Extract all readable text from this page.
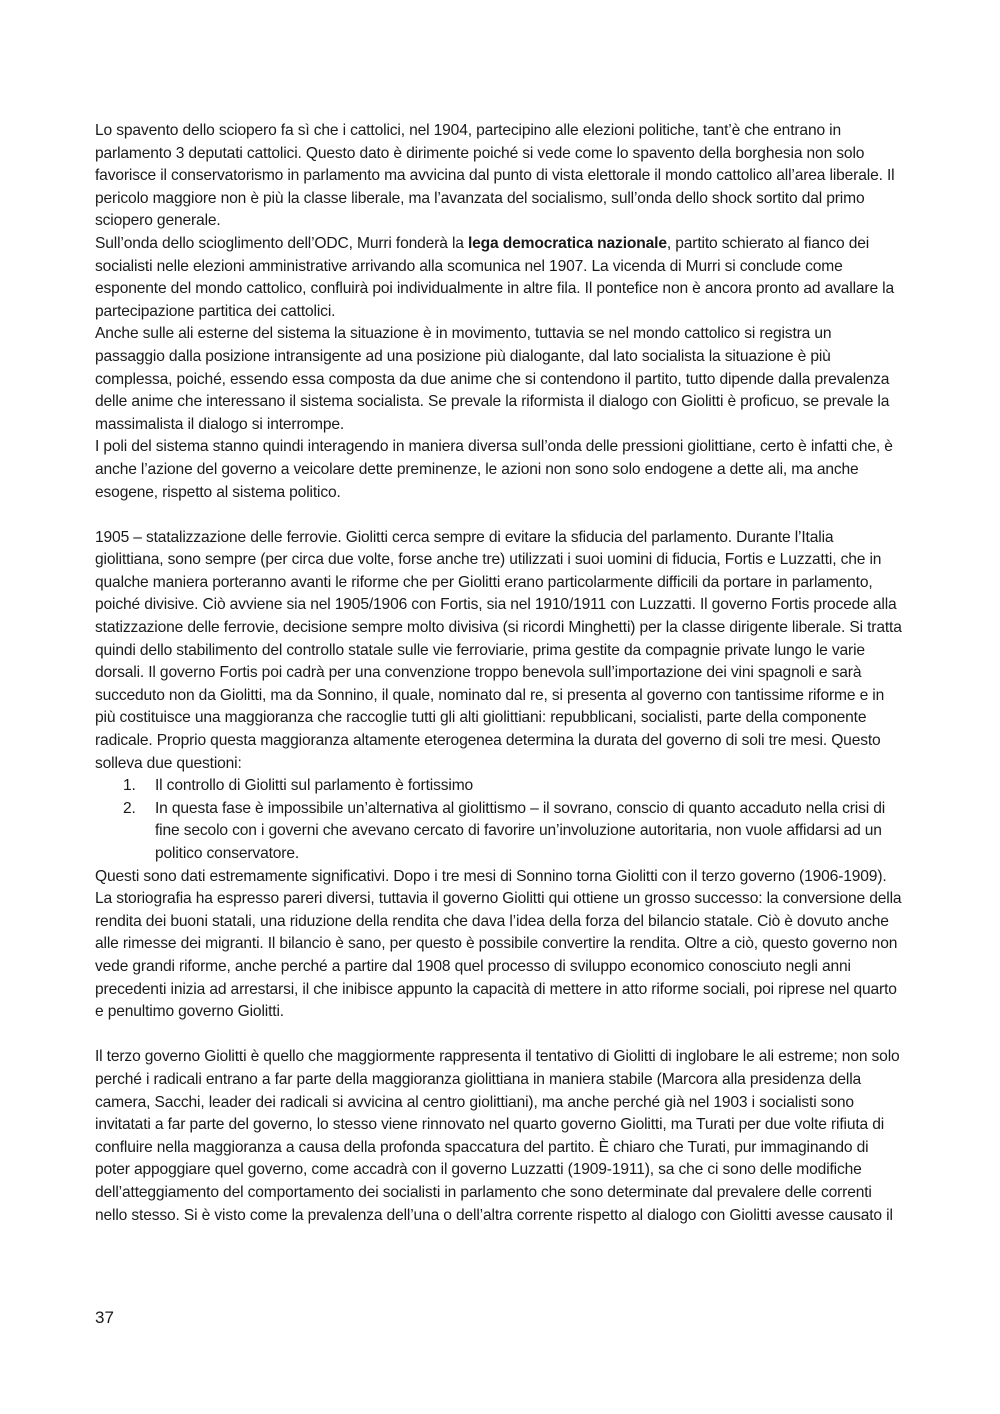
Lo spavento dello sciopero fa sì che i cattolici, nel 1904, partecipino alle elezioni politiche, tant’è che entrano in parlamento 3 deputati cattolici. Questo dato è dirimente poiché si vede come lo spavento della borghesia non solo favorisce il conservatorismo in parlamento ma avvicina dal punto di vista elettorale il mondo cattolico all’area liberale. Il pericolo maggiore non è più la classe liberale, ma l’avanzata del socialismo, sull’onda dello shock sortito dal primo sciopero generale.

Sull’onda dello scioglimento dell’ODC, Murri fonderà la lega democratica nazionale, partito schierato al fianco dei socialisti nelle elezioni amministrative arrivando alla scomunica nel 1907. La vicenda di Murri si conclude come esponente del mondo cattolico, confluirà poi individualmente in altre fila. Il pontefice non è ancora pronto ad avallare la partecipazione partitica dei cattolici.

Anche sulle ali esterne del sistema la situazione è in movimento, tuttavia se nel mondo cattolico si registra un passaggio dalla posizione intransigente ad una posizione più dialogante, dal lato socialista la situazione è più complessa, poiché, essendo essa composta da due anime che si contendono il partito, tutto dipende dalla prevalenza delle anime che interessano il sistema socialista. Se prevale la riformista il dialogo con Giolitti è proficuo, se prevale la massimalista il dialogo si interrompe.

I poli del sistema stanno quindi interagendo in maniera diversa sull’onda delle pressioni giolittiane, certo è infatti che, è anche l’azione del governo a veicolare dette preminenze, le azioni non sono solo endogene a dette ali, ma anche esogene, rispetto al sistema politico.

1905 – statalizzazione delle ferrovie. Giolitti cerca sempre di evitare la sfiducia del parlamento. Durante l’Italia giolittiana, sono sempre (per circa due volte, forse anche tre) utilizzati i suoi uomini di fiducia, Fortis e Luzzatti, che in qualche maniera porteranno avanti le riforme che per Giolitti erano particolarmente difficili da portare in parlamento, poiché divisive. Ciò avviene sia nel 1905/1906 con Fortis, sia nel 1910/1911 con Luzzatti. Il governo Fortis procede alla statizzazione delle ferrovie, decisione sempre molto divisiva (si ricordi Minghetti) per la classe dirigente liberale. Si tratta quindi dello stabilimento del controllo statale sulle vie ferroviarie, prima gestite da compagnie private lungo le varie dorsali. Il governo Fortis poi cadrà per una convenzione troppo benevola sull’importazione dei vini spagnoli e sarà succeduto non da Giolitti, ma da Sonnino, il quale, nominato dal re, si presenta al governo con tantissime riforme e in più costituisce una maggioranza che raccoglie tutti gli alti giolittiani: repubblicani, socialisti, parte della componente radicale. Proprio questa maggioranza altamente eterogenea determina la durata del governo di soli tre mesi. Questo solleva due questioni:

1. Il controllo di Giolitti sul parlamento è fortissimo
2. In questa fase è impossibile un’alternativa al giolittismo – il sovrano, conscio di quanto accaduto nella crisi di fine secolo con i governi che avevano cercato di favorire un’involuzione autoritaria, non vuole affidarsi ad un politico conservatore.

Questi sono dati estremamente significativi. Dopo i tre mesi di Sonnino torna Giolitti con il terzo governo (1906-1909). La storiografia ha espresso pareri diversi, tuttavia il governo Giolitti qui ottiene un grosso successo: la conversione della rendita dei buoni statali, una riduzione della rendita che dava l’idea della forza del bilancio statale. Ciò è dovuto anche alle rimesse dei migranti. Il bilancio è sano, per questo è possibile convertire la rendita. Oltre a ciò, questo governo non vede grandi riforme, anche perché a partire dal 1908 quel processo di sviluppo economico conosciuto negli anni precedenti inizia ad arrestarsi, il che inibisce appunto la capacità di mettere in atto riforme sociali, poi riprese nel quarto e penultimo governo Giolitti.

Il terzo governo Giolitti è quello che maggiormente rappresenta il tentativo di Giolitti di inglobare le ali estreme; non solo perché i radicali entrano a far parte della maggioranza giolittiana in maniera stabile (Marcora alla presidenza della camera, Sacchi, leader dei radicali si avvicina al centro giolittiani), ma anche perché già nel 1903 i socialisti sono invitatati a far parte del governo, lo stesso viene rinnovato nel quarto governo Giolitti, ma Turati per due volte rifiuta di confluire nella maggioranza a causa della profonda spaccatura del partito. È chiaro che Turati, pur immaginando di poter appoggiare quel governo, come accadrà con il governo Luzzatti (1909-1911), sa che ci sono delle modifiche dell’atteggiamento del comportamento dei socialisti in parlamento che sono determinate dal prevalere delle correnti nello stesso. Si è visto come la prevalenza dell’una o dell’altra corrente rispetto al dialogo con Giolitti avesse causato il

37
